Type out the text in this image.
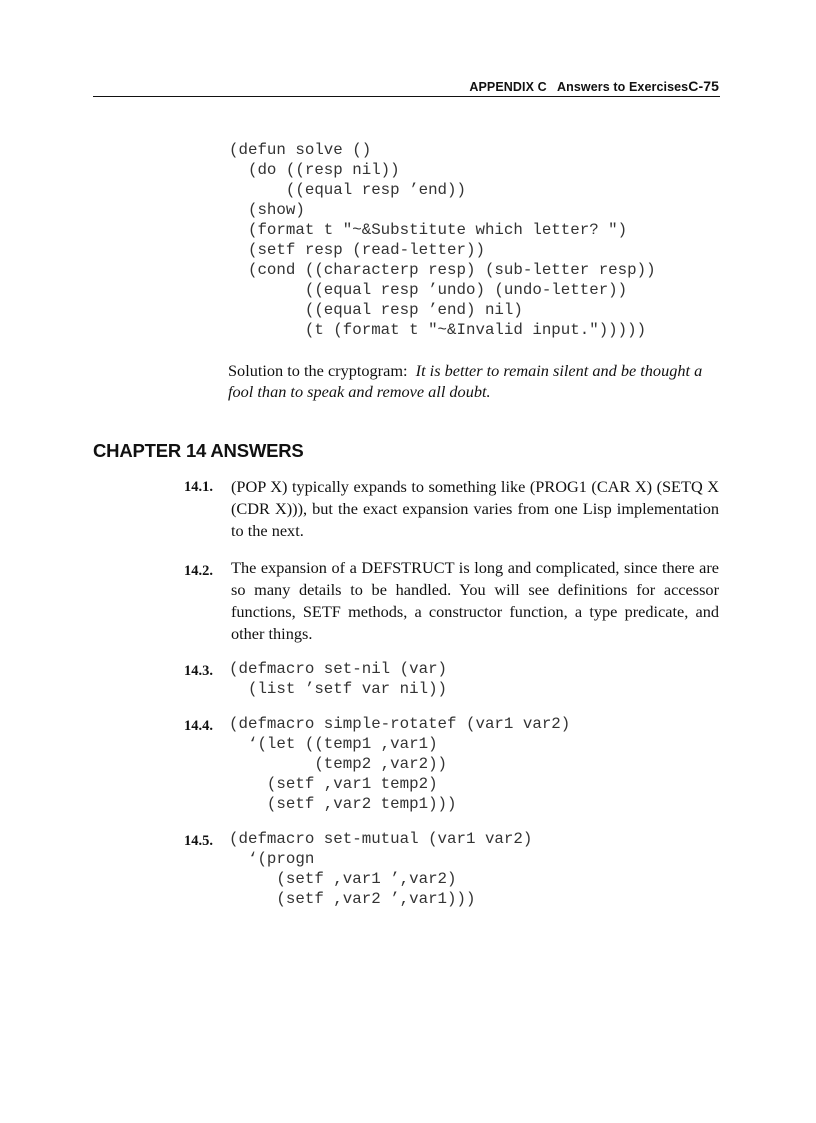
APPENDIX C Answers to ExercisesC-75
(defun solve ()
(do ((resp nil))
((equal resp ’end))
(show)
(format t "~&Substitute which letter? ")
(setf resp (read-letter))
(cond ((characterp resp) (sub-letter resp))
((equal resp ’undo) (undo-letter))
((equal resp ’end) nil)
(t (format t "~&Invalid input.")))))
Solution to the cryptogram: It is better to remain silent and be thought a fool than to speak and remove all doubt.
CHAPTER 14 ANSWERS
14.1. (POP X) typically expands to something like (PROG1 (CAR X) (SETQ X (CDR X))), but the exact expansion varies from one Lisp implementation to the next.
14.2. The expansion of a DEFSTRUCT is long and complicated, since there are so many details to be handled. You will see definitions for accessor functions, SETF methods, a constructor function, a type predicate, and other things.
14.3. (defmacro set-nil (var)
(list ’setf var nil))
14.4. (defmacro simple-rotatef (var1 var2)
‘(let ((temp1 ,var1)
(temp2 ,var2))
(setf ,var1 temp2)
(setf ,var2 temp1)))
14.5. (defmacro set-mutual (var1 var2)
‘(progn
(setf ,var1 ’,var2)
(setf ,var2 ’,var1)))
